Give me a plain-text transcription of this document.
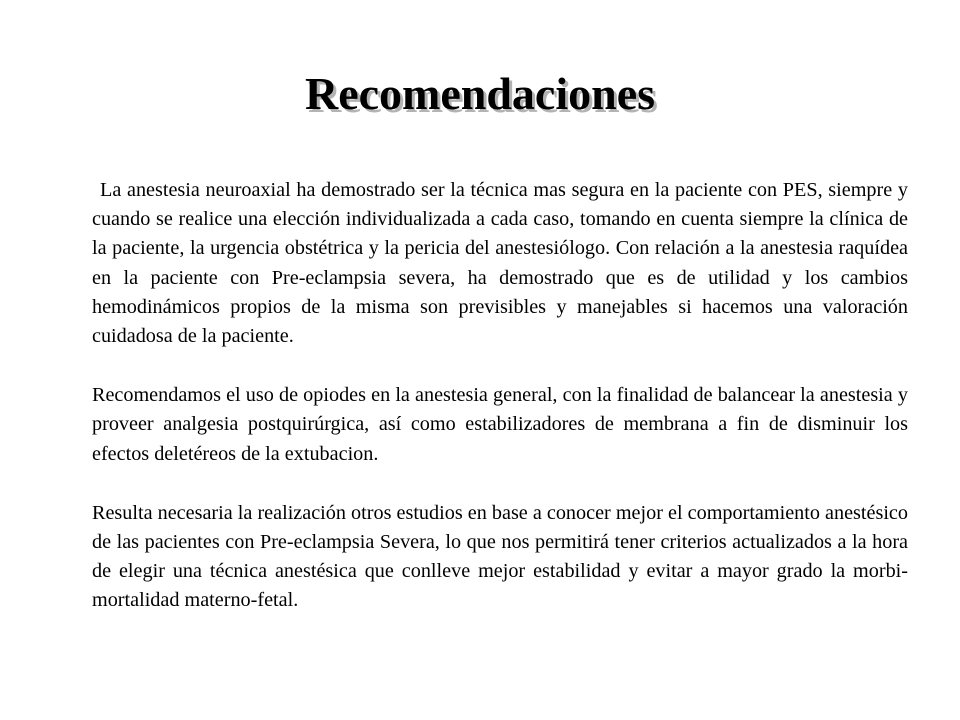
Recomendaciones

La anestesia neuroaxial ha demostrado ser la técnica mas segura en la paciente con PES, siempre y cuando se realice una elección individualizada a cada caso, tomando en cuenta siempre la clínica de la paciente, la urgencia obstétrica y la pericia del anestesiólogo. Con relación a la anestesia raquídea en la paciente con Pre-eclampsia severa, ha demostrado que es de utilidad y los cambios hemodinámicos propios de la misma son previsibles y manejables si hacemos una valoración cuidadosa de la paciente.

Recomendamos el uso de opiodes en la anestesia general, con la finalidad de balancear la anestesia y proveer analgesia postquirúrgica, así como estabilizadores de membrana a fin de disminuir los efectos deletéreos de la extubacion.

Resulta necesaria la realización otros estudios en base a conocer mejor el comportamiento anestésico de las pacientes con Pre-eclampsia Severa, lo que nos permitirá tener criterios actualizados a la hora de elegir una técnica anestésica que conlleve mejor estabilidad y evitar a mayor grado la morbi-mortalidad materno-fetal.
